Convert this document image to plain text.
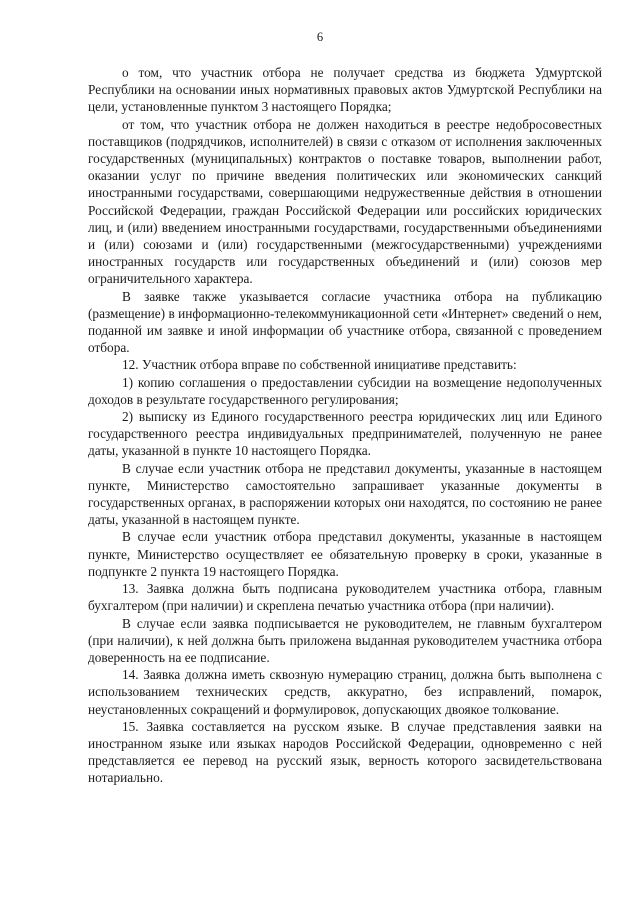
6

о том, что участник отбора не получает средства из бюджета Удмуртской Республики на основании иных нормативных правовых актов Удмуртской Республики на цели, установленные пунктом 3 настоящего Порядка;

от том, что участник отбора не должен находиться в реестре недобросовестных поставщиков (подрядчиков, исполнителей) в связи с отказом от исполнения заключенных государственных (муниципальных) контрактов о поставке товаров, выполнении работ, оказании услуг по причине введения политических или экономических санкций иностранными государствами, совершающими недружественные действия в отношении Российской Федерации, граждан Российской Федерации или российских юридических лиц, и (или) введением иностранными государствами, государственными объединениями и (или) союзами и (или) государственными (межгосударственными) учреждениями иностранных государств или государственных объединений и (или) союзов мер ограничительного характера.

В заявке также указывается согласие участника отбора на публикацию (размещение) в информационно-телекоммуникационной сети «Интернет» сведений о нем, поданной им заявке и иной информации об участнике отбора, связанной с проведением отбора.

12. Участник отбора вправе по собственной инициативе представить:

1) копию соглашения о предоставлении субсидии на возмещение недополученных доходов в результате государственного регулирования;

2) выписку из Единого государственного реестра юридических лиц или Единого государственного реестра индивидуальных предпринимателей, полученную не ранее даты, указанной в пункте 10 настоящего Порядка.

В случае если участник отбора не представил документы, указанные в настоящем пункте, Министерство самостоятельно запрашивает указанные документы в государственных органах, в распоряжении которых они находятся, по состоянию не ранее даты, указанной в настоящем пункте.

В случае если участник отбора представил документы, указанные в настоящем пункте, Министерство осуществляет ее обязательную проверку в сроки, указанные в подпункте 2 пункта 19 настоящего Порядка.

13. Заявка должна быть подписана руководителем участника отбора, главным бухгалтером (при наличии) и скреплена печатью участника отбора (при наличии).

В случае если заявка подписывается не руководителем, не главным бухгалтером (при наличии), к ней должна быть приложена выданная руководителем участника отбора доверенность на ее подписание.

14. Заявка должна иметь сквозную нумерацию страниц, должна быть выполнена с использованием технических средств, аккуратно, без исправлений, помарок, неустановленных сокращений и формулировок, допускающих двоякое толкование.

15. Заявка составляется на русском языке. В случае представления заявки на иностранном языке или языках народов Российской Федерации, одновременно с ней представляется ее перевод на русский язык, верность которого засвидетельствована нотариально.
